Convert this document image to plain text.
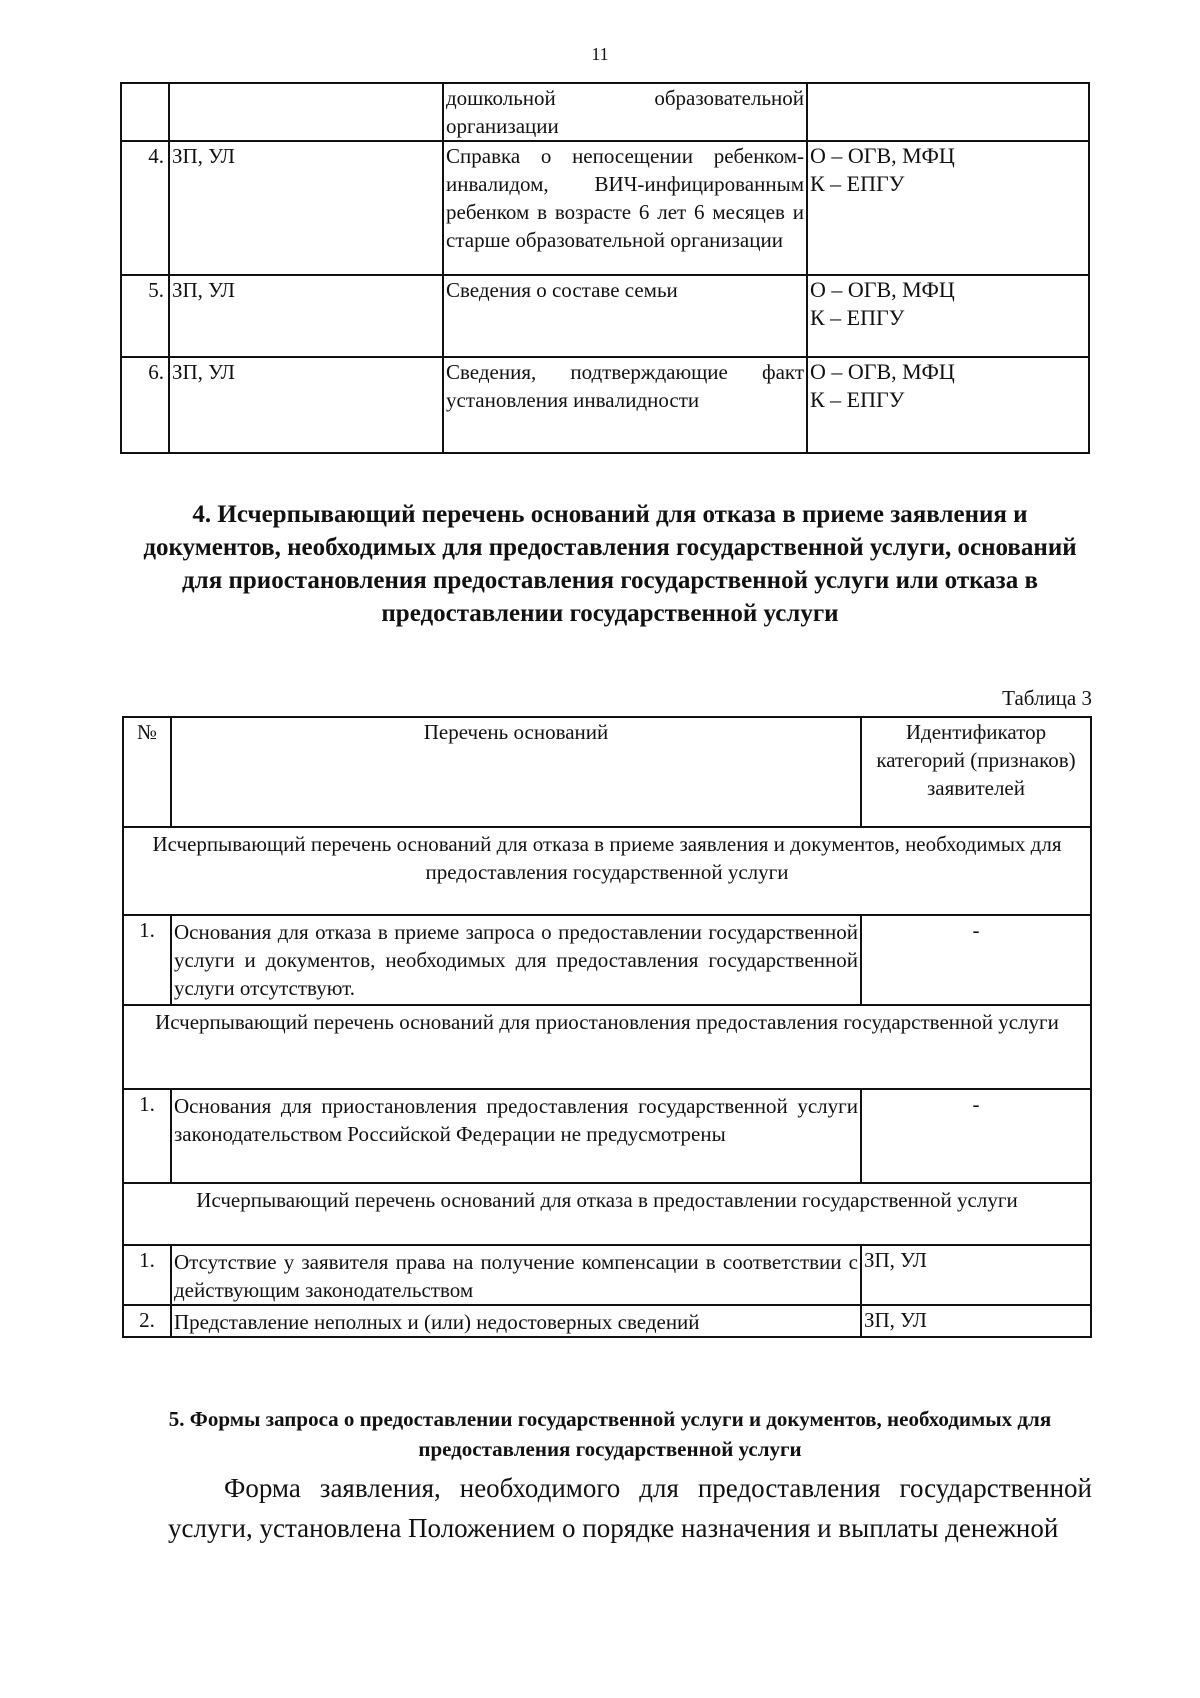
11
		дошкольной образовательной организации	
4.	ЗП, УЛ	Справка о непосещении ребенком-инвалидом, ВИЧ-инфицированным ребенком в возрасте 6 лет 6 месяцев и старше образовательной организации	О – ОГВ, МФЦ
К – ЕПГУ

5.	ЗП, УЛ	Сведения о составе семьи	О – ОГВ, МФЦ
К – ЕПГУ

6.	ЗП, УЛ	Сведения, подтверждающие факт установления инвалидности	О – ОГВ, МФЦ
К – ЕПГУ
4. Исчерпывающий перечень оснований для отказа в приеме заявления и документов, необходимых для предоставления государственной услуги, оснований для приостановления предоставления государственной услуги или отказа в предоставлении государственной услуги
Таблица 3
№	Перечень оснований	Идентификатор категорий (признаков) заявителей
Исчерпывающий перечень оснований для отказа в приеме заявления и документов, необходимых для предоставления государственной услуги		
1.	Основания для отказа в приеме запроса о предоставлении государственной услуги и документов, необходимых для предоставления государственной услуги отсутствуют.	-
Исчерпывающий перечень оснований для приостановления предоставления государственной услуги		
1.	Основания для приостановления предоставления государственной услуги законодательством Российской Федерации не предусмотрены	-
Исчерпывающий перечень оснований для отказа в предоставлении государственной услуги		
1.	Отсутствие у заявителя права на получение компенсации в соответствии с действующим законодательством	ЗП, УЛ
2.	Представление неполных и (или) недостоверных сведений	ЗП, УЛ
5. Формы запроса о предоставлении государственной услуги и документов, необходимых для предоставления государственной услуги
Форма заявления, необходимого для предоставления государственной услуги, установлена Положением о порядке назначения и выплаты денежной
